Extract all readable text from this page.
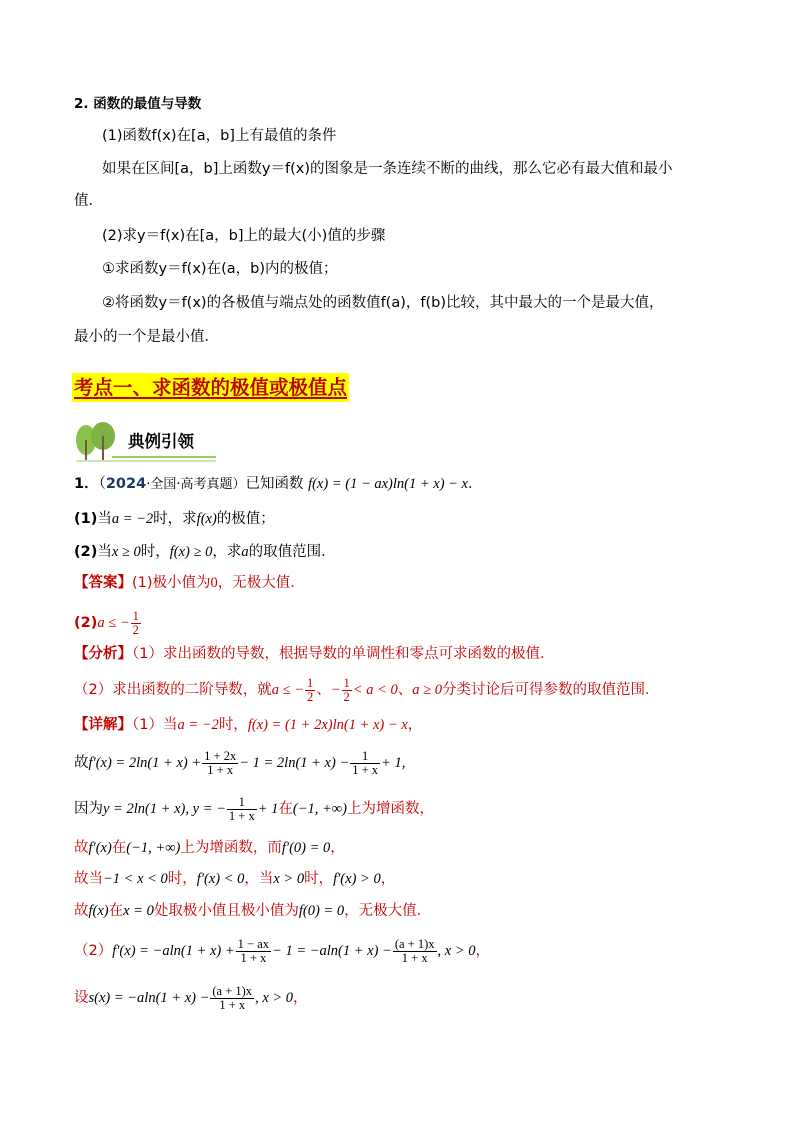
2. 函数的最值与导数
(1)函数f(x)在[a，b]上有最值的条件
如果在区间[a，b]上函数y＝f(x)的图象是一条连续不断的曲线，那么它必有最大值和最小
值．
(2)求y＝f(x)在[a，b]上的最大(小)值的步骤
①求函数y＝f(x)在(a，b)内的极值；
②将函数y＝f(x)的各极值与端点处的函数值f(a)，f(b)比较，其中最大的一个是最大值，
最小的一个是最小值．
考点一、求函数的极值或极值点
典例引领
1．（2024·全国·高考真题）已知函数 f(x) = (1 − ax)ln(1 + x) − x．
(1)当a = −2时，求f(x)的极值；
(2)当x ≥ 0时，f(x) ≥ 0，求a的取值范围．
【答案】(1)极小值为0，无极大值．
(2)a ≤ − $\frac{1}{2}$
【分析】（1）求出函数的导数，根据导数的单调性和零点可求函数的极值．
（2）求出函数的二阶导数，就a ≤ − $\frac{1}{2}$ 、− $\frac{1}{2} < a < 0$、a ≥ 0分类讨论后可得参数的取值范围．
【详解】（1）当a = −2时，f(x) = (1 + 2x)ln(1 + x) − x，
故$f'(x) = 2\ln(1 + x) + \frac{1 + 2x}{1 + x} - 1 = 2\ln(1 + x) - \frac{1}{1 + x} + 1$,
因为y = 2ln(1 + x), y = − $\frac{1}{1 + x} + 1$在(−1, +∞)上为增函数，
故f′(x)在(−1, +∞)上为增函数，而f′(0) = 0，
故当−1 < x < 0时，f′(x) < 0，当x > 0时，f′(x) > 0，
故f(x)在x = 0处取极小值且极小值为f(0) = 0，无极大值．
$(2)f'(x) = -aln(1 + x) + \frac{1 - ax}{1 + x} - 1 = -aln(1 + x) - \frac{(a + 1)x}{1 + x}$ , x > 0，
设$s(x) = -aln(1 + x) - \frac{(a + 1)x}{1 + x}$ , x > 0，
